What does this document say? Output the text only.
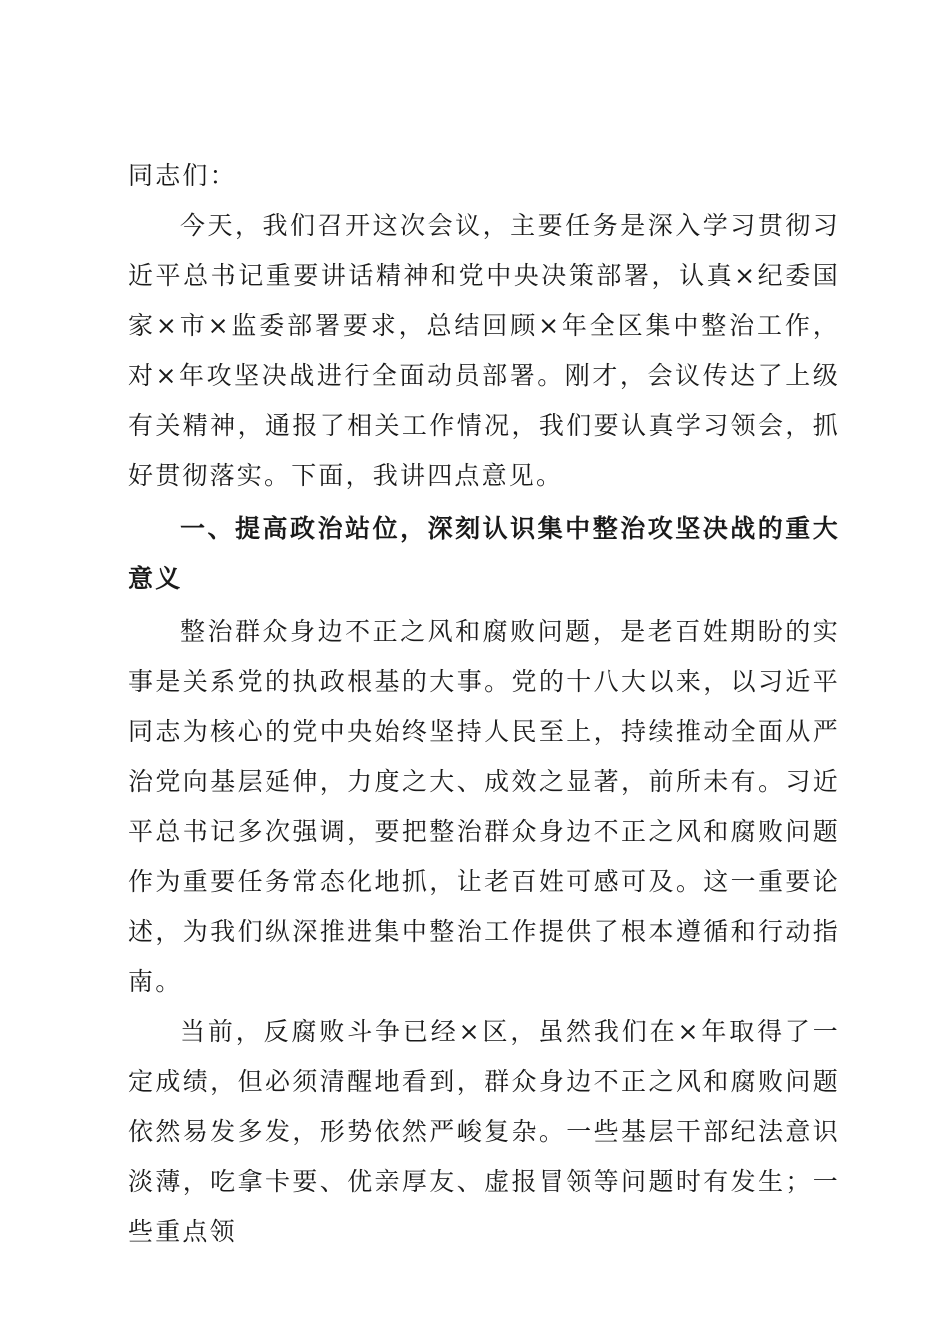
同志们：

今天，我们召开这次会议，主要任务是深入学习贯彻习近平总书记重要讲话精神和党中央决策部署，认真×纪委国家×市×监委部署要求，总结回顾×年全区集中整治工作，对×年攻坚决战进行全面动员部署。刚才，会议传达了上级有关精神，通报了相关工作情况，我们要认真学习领会，抓好贯彻落实。下面，我讲四点意见。

一、提高政治站位，深刻认识集中整治攻坚决战的重大意义

整治群众身边不正之风和腐败问题，是老百姓期盼的实事是关系党的执政根基的大事。党的十八大以来，以习近平同志为核心的党中央始终坚持人民至上，持续推动全面从严治党向基层延伸，力度之大、成效之显著，前所未有。习近平总书记多次强调，要把整治群众身边不正之风和腐败问题作为重要任务常态化地抓，让老百姓可感可及。这一重要论述，为我们纵深推进集中整治工作提供了根本遵循和行动指南。

当前，反腐败斗争已经×区，虽然我们在×年取得了一定成绩，但必须清醒地看到，群众身边不正之风和腐败问题依然易发多发，形势依然严峻复杂。一些基层干部纪法意识淡薄，吃拿卡要、优亲厚友、虚报冒领等问题时有发生；一些重点领
